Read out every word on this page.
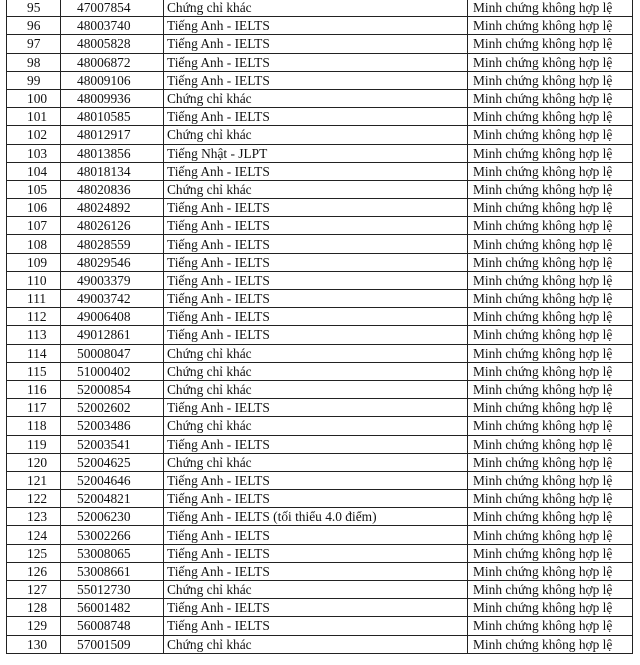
95	47007854	Chứng chỉ khác	Minh chứng không hợp lệ
96	48003740	Tiếng Anh - IELTS	Minh chứng không hợp lệ
97	48005828	Tiếng Anh - IELTS	Minh chứng không hợp lệ
98	48006872	Tiếng Anh - IELTS	Minh chứng không hợp lệ
99	48009106	Tiếng Anh - IELTS	Minh chứng không hợp lệ
100	48009936	Chứng chỉ khác	Minh chứng không hợp lệ
101	48010585	Tiếng Anh - IELTS	Minh chứng không hợp lệ
102	48012917	Chứng chỉ khác	Minh chứng không hợp lệ
103	48013856	Tiếng Nhật - JLPT	Minh chứng không hợp lệ
104	48018134	Tiếng Anh - IELTS	Minh chứng không hợp lệ
105	48020836	Chứng chỉ khác	Minh chứng không hợp lệ
106	48024892	Tiếng Anh - IELTS	Minh chứng không hợp lệ
107	48026126	Tiếng Anh - IELTS	Minh chứng không hợp lệ
108	48028559	Tiếng Anh - IELTS	Minh chứng không hợp lệ
109	48029546	Tiếng Anh - IELTS	Minh chứng không hợp lệ
110	49003379	Tiếng Anh - IELTS	Minh chứng không hợp lệ
111	49003742	Tiếng Anh - IELTS	Minh chứng không hợp lệ
112	49006408	Tiếng Anh - IELTS	Minh chứng không hợp lệ
113	49012861	Tiếng Anh - IELTS	Minh chứng không hợp lệ
114	50008047	Chứng chỉ khác	Minh chứng không hợp lệ
115	51000402	Chứng chỉ khác	Minh chứng không hợp lệ
116	52000854	Chứng chỉ khác	Minh chứng không hợp lệ
117	52002602	Tiếng Anh - IELTS	Minh chứng không hợp lệ
118	52003486	Chứng chỉ khác	Minh chứng không hợp lệ
119	52003541	Tiếng Anh - IELTS	Minh chứng không hợp lệ
120	52004625	Chứng chỉ khác	Minh chứng không hợp lệ
121	52004646	Tiếng Anh - IELTS	Minh chứng không hợp lệ
122	52004821	Tiếng Anh - IELTS	Minh chứng không hợp lệ
123	52006230	Tiếng Anh - IELTS (tối thiểu 4.0 điểm)	Minh chứng không hợp lệ
124	53002266	Tiếng Anh - IELTS	Minh chứng không hợp lệ
125	53008065	Tiếng Anh - IELTS	Minh chứng không hợp lệ
126	53008661	Tiếng Anh - IELTS	Minh chứng không hợp lệ
127	55012730	Chứng chỉ khác	Minh chứng không hợp lệ
128	56001482	Tiếng Anh - IELTS	Minh chứng không hợp lệ
129	56008748	Tiếng Anh - IELTS	Minh chứng không hợp lệ
130	57001509	Chứng chỉ khác	Minh chứng không hợp lệ
